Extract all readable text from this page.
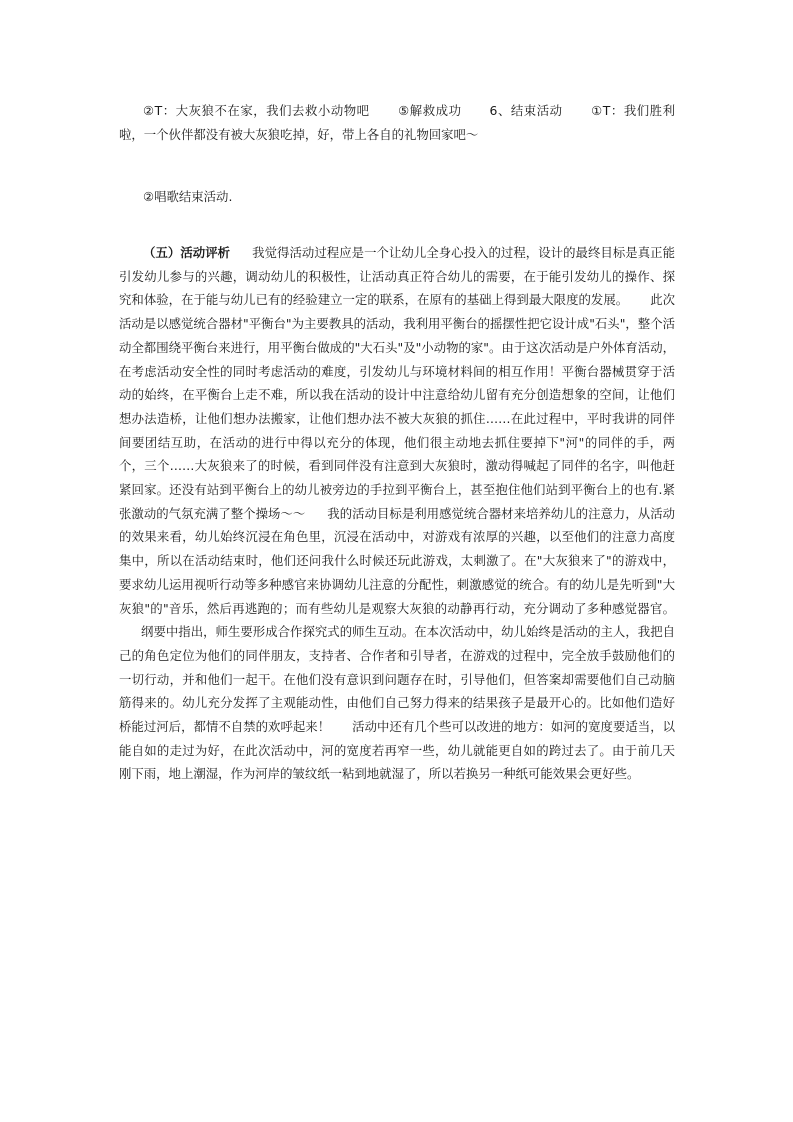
②T：大灰狼不在家，我们去救小动物吧 ⑤解救成功 6、结束活动 ①T：我们胜利啦，一个伙伴都没有被大灰狼吃掉，好，带上各自的礼物回家吧～

②唱歌结束活动.

（五）活动评析 我觉得活动过程应是一个让幼儿全身心投入的过程，设计的最终目标是真正能引发幼儿参与的兴趣，调动幼儿的积极性，让活动真正符合幼儿的需要，在于能引发幼儿的操作、探究和体验，在于能与幼儿已有的经验建立一定的联系，在原有的基础上得到最大限度的发展。 此次活动是以感觉统合器材"平衡台"为主要教具的活动，我利用平衡台的摇摆性把它设计成"石头"，整个活动全都围绕平衡台来进行，用平衡台做成的"大石头"及"小动物的家"。由于这次活动是户外体育活动，在考虑活动安全性的同时考虑活动的难度，引发幼儿与环境材料间的相互作用！平衡台器械贯穿于活动的始终，在平衡台上走不难，所以我在活动的设计中注意给幼儿留有充分创造想象的空间，让他们想办法造桥，让他们想办法搬家，让他们想办法不被大灰狼的抓住……在此过程中，平时我讲的同伴间要团结互助，在活动的进行中得以充分的体现，他们很主动地去抓住要掉下"河"的同伴的手，两个，三个……大灰狼来了的时候，看到同伴没有注意到大灰狼时，激动得喊起了同伴的名字，叫他赶紧回家。还没有站到平衡台上的幼儿被旁边的手拉到平衡台上，甚至抱住他们站到平衡台上的也有.紧张激动的气氛充满了整个操场～～ 我的活动目标是利用感觉统合器材来培养幼儿的注意力，从活动的效果来看，幼儿始终沉浸在角色里，沉浸在活动中，对游戏有浓厚的兴趣，以至他们的注意力高度集中，所以在活动结束时，他们还问我什么时候还玩此游戏，太刺激了。在"大灰狼来了"的游戏中，要求幼儿运用视听行动等多种感官来协调幼儿注意的分配性，刺激感觉的统合。有的幼儿是先听到"大灰狼"的"音乐，然后再逃跑的；而有些幼儿是观察大灰狼的动静再行动，充分调动了多种感觉器官。纲要中指出，师生要形成合作探究式的师生互动。在本次活动中，幼儿始终是活动的主人，我把自己的角色定位为他们的同伴朋友，支持者、合作者和引导者，在游戏的过程中，完全放手鼓励他们的一切行动，并和他们一起干。在他们没有意识到问题存在时，引导他们，但答案却需要他们自己动脑筋得来的。幼儿充分发挥了主观能动性，由他们自己努力得来的结果孩子是最开心的。比如他们造好桥能过河后，都情不自禁的欢呼起来！ 活动中还有几个些可以改进的地方：如河的宽度要适当，以能自如的走过为好，在此次活动中，河的宽度若再窄一些，幼儿就能更自如的跨过去了。由于前几天刚下雨，地上潮湿，作为河岸的皱纹纸一粘到地就湿了，所以若换另一种纸可能效果会更好些。
